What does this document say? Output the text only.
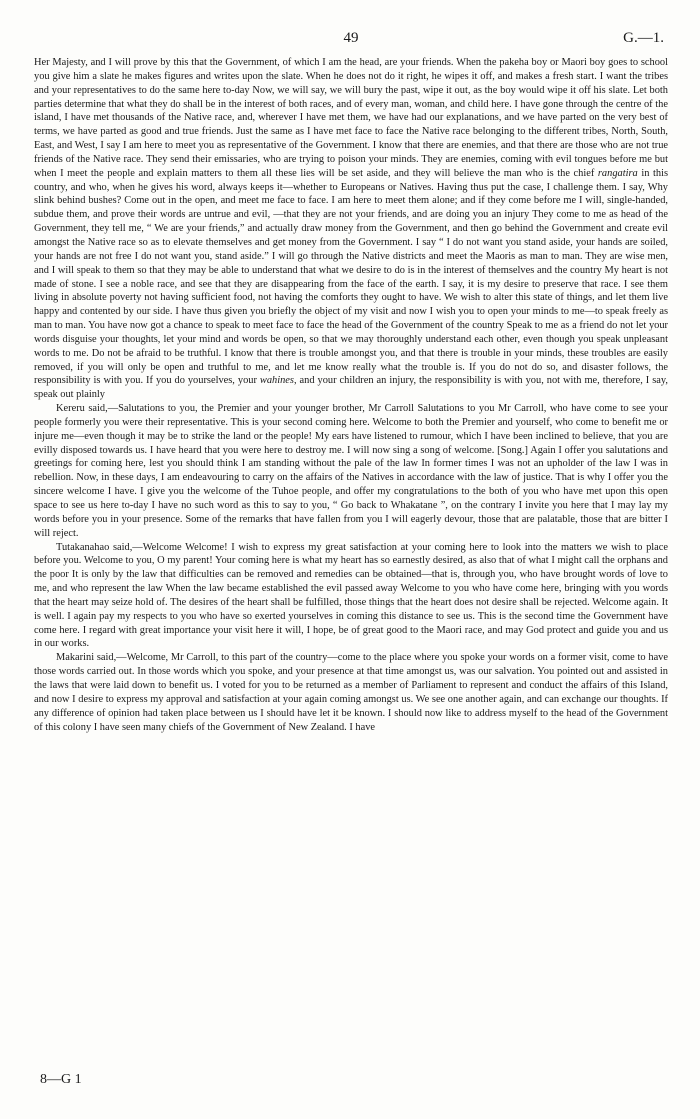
49	G.—1.

Her Majesty, and I will prove by this that the Government, of which I am the head, are your friends. When the pakeha boy or Maori boy goes to school you give him a slate he makes figures and writes upon the slate. When he does not do it right, he wipes it off, and makes a fresh start. I want the tribes and your representatives to do the same here to-day Now, we will say, we will bury the past, wipe it out, as the boy would wipe it off his slate. Let both parties determine that what they do shall be in the interest of both races, and of every man, woman, and child here. I have gone through the centre of the island, I have met thousands of the Native race, and, wherever I have met them, we have had our explanations, and we have parted on the very best of terms, we have parted as good and true friends. Just the same as I have met face to face the Native race belonging to the different tribes, North, South, East, and West, I say I am here to meet you as representative of the Government. I know that there are enemies, and that there are those who are not true friends of the Native race. They send their emissaries, who are trying to poison your minds. They are enemies, coming with evil tongues before me but when I meet the people and explain matters to them all these lies will be set aside, and they will believe the man who is the chief rangatira in this country, and who, when he gives his word, always keeps it—whether to Europeans or Natives. Having thus put the case, I challenge them. I say, Why slink behind bushes? Come out in the open, and meet me face to face. I am here to meet them alone; and if they come before me I will, single-handed, subdue them, and prove their words are untrue and evil, —that they are not your friends, and are doing you an injury They come to me as head of the Government, they tell me, “ We are your friends,” and actually draw money from the Government, and then go behind the Government and create evil amongst the Native race so as to elevate themselves and get money from the Government. I say “ I do not want you stand aside, your hands are soiled, your hands are not free I do not want you, stand aside.” I will go through the Native districts and meet the Maoris as man to man. They are wise men, and I will speak to them so that they may be able to understand that what we desire to do is in the interest of themselves and the country My heart is not made of stone. I see a noble race, and see that they are disappearing from the face of the earth. I say, it is my desire to preserve that race. I see them living in absolute poverty not having sufficient food, not having the comforts they ought to have. We wish to alter this state of things, and let them live happy and contented by our side. I have thus given you briefly the object of my visit and now I wish you to open your minds to me—to speak freely as man to man. You have now got a chance to speak to meet face to face the head of the Government of the country Speak to me as a friend do not let your words disguise your thoughts, let your mind and words be open, so that we may thoroughly understand each other, even though you speak unpleasant words to me. Do not be afraid to be truthful. I know that there is trouble amongst you, and that there is trouble in your minds, these troubles are easily removed, if you will only be open and truthful to me, and let me know really what the trouble is. If you do not do so, and disaster follows, the responsibility is with you. If you do yourselves, your wahines, and your children an injury, the responsibility is with you, not with me, therefore, I say, speak out plainly

Kereru said,—Salutations to you, the Premier and your younger brother, Mr Carroll Salutations to you Mr Carroll, who have come to see your people formerly you were their representative. This is your second coming here. Welcome to both the Premier and yourself, who come to benefit me or injure me—even though it may be to strike the land or the people! My ears have listened to rumour, which I have been inclined to believe, that you are evilly disposed towards us. I have heard that you were here to destroy me. I will now sing a song of welcome. [Song.] Again I offer you salutations and greetings for coming here, lest you should think I am standing without the pale of the law In former times I was not an upholder of the law I was in rebellion. Now, in these days, I am endeavouring to carry on the affairs of the Natives in accordance with the law of justice. That is why I offer you the sincere welcome I have. I give you the welcome of the Tuhoe people, and offer my congratulations to the both of you who have met upon this open space to see us here to-day I have no such word as this to say to you, “ Go back to Whakatane ”, on the contrary I invite you here that I may lay my words before you in your presence. Some of the remarks that have fallen from you I will eagerly devour, those that are palatable, those that are bitter I will reject.

Tutakanahao said,—Welcome Welcome! I wish to express my great satisfaction at your coming here to look into the matters we wish to place before you. Welcome to you, O my parent! Your coming here is what my heart has so earnestly desired, as also that of what I might call the orphans and the poor It is only by the law that difficulties can be removed and remedies can be obtained—that is, through you, who have brought words of love to me, and who represent the law When the law became established the evil passed away Welcome to you who have come here, bringing with you words that the heart may seize hold of. The desires of the heart shall be fulfilled, those things that the heart does not desire shall be rejected. Welcome again. It is well. I again pay my respects to you who have so exerted yourselves in coming this distance to see us. This is the second time the Government have come here. I regard with great importance your visit here it will, I hope, be of great good to the Maori race, and may God protect and guide you and us in our works.

Makarini said,—Welcome, Mr Carroll, to this part of the country—come to the place where you spoke your words on a former visit, come to have those words carried out. In those words which you spoke, and your presence at that time amongst us, was our salvation. You pointed out and assisted in the laws that were laid down to benefit us. I voted for you to be returned as a member of Parliament to represent and conduct the affairs of this Island, and now I desire to express my approval and satisfaction at your again coming amongst us. We see one another again, and can exchange our thoughts. If any difference of opinion had taken place between us I should have let it be known. I should now like to address myself to the head of the Government of this colony I have seen many chiefs of the Government of New Zealand. I have

8—G 1
